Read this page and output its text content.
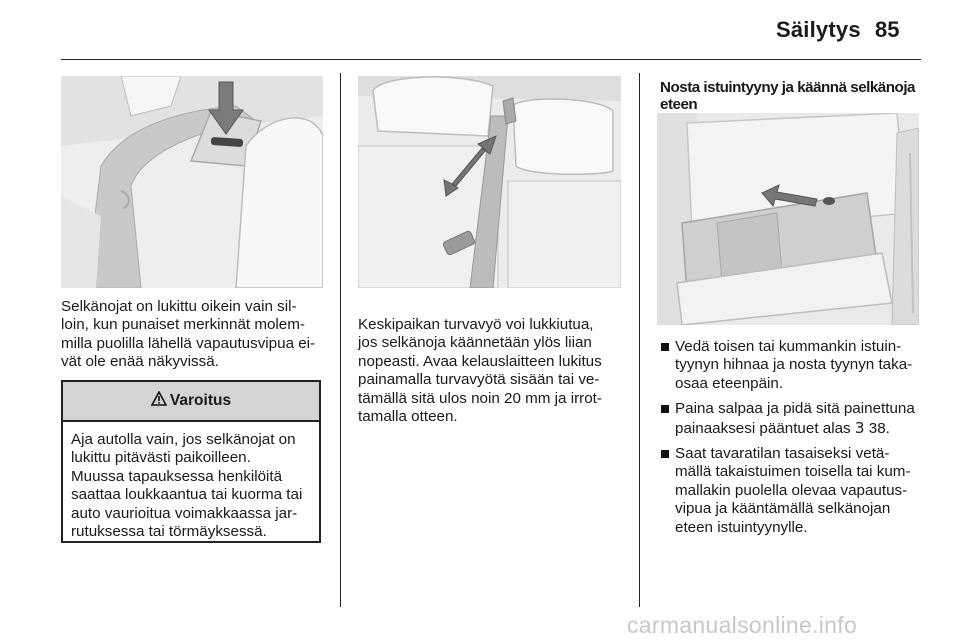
Säilytys 85

Selkänojat on lukittu oikein vain sil-
loin, kun punaiset merkinnät molem-
milla puolilla lähellä vapautusvipua ei-
vät ole enää näkyvissä.

Varoitus
Aja autolla vain, jos selkänojat on
lukittu pitävästi paikoilleen.
Muussa tapauksessa henkilöitä
saattaa loukkaantua tai kuorma tai
auto vaurioitua voimakkaassa jar-
rutuksessa tai törmäyksessä.

Keskipaikan turvavyö voi lukkiutua,
jos selkänoja käännetään ylös liian
nopeasti. Avaa kelauslaitteen lukitus
painamalla turvavyötä sisään tai ve-
tämällä sitä ulos noin 20 mm ja irrot-
tamalla otteen.

Nosta istuintyyny ja käännä selkänoja
eteen
Vedä toisen tai kummankin istuin-
tyynyn hihnaa ja nosta tyynyn taka-
osaa eteenpäin.
Paina salpaa ja pidä sitä painettuna
painaaksesi pääntuet alas 3 38.
Saat tavaratilan tasaiseksi vetä-
mällä takaistuimen toisella tai kum-
mallakin puolella olevaa vapautus-
vipua ja kääntämällä selkänojan
eteen istuintyynylle.
carmanualsonline.info
